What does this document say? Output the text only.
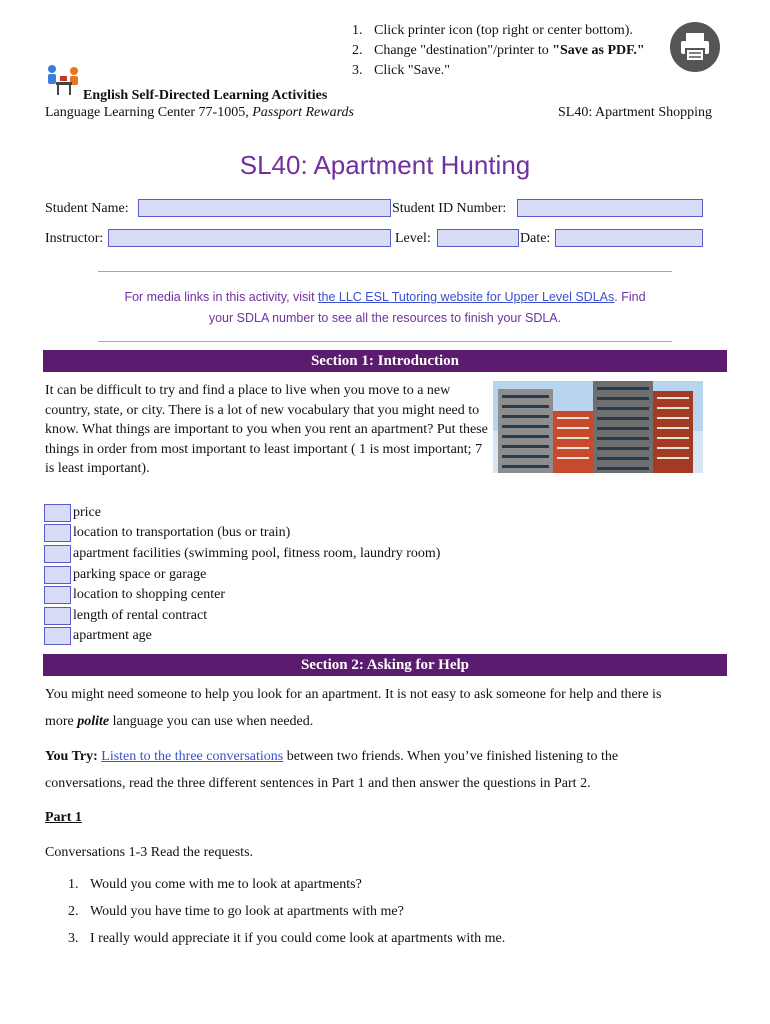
1. Click printer icon (top right or center bottom).
2. Change "destination"/printer to "Save as PDF."
3. Click "Save."
English Self-Directed Learning Activities
Language Learning Center 77-1005, Passport Rewards	SL40: Apartment Shopping
SL40: Apartment Hunting
Student Name:	Student ID Number:
Instructor:	Level:	Date:
For media links in this activity, visit the LLC ESL Tutoring website for Upper Level SDLAs. Find
your SDLA number to see all the resources to finish your SDLA.
Section 1: Introduction
It can be difficult to try and find a place to live when you move to a new country, state, or city. There is a lot of new vocabulary that you might need to know. What things are important to you when you rent an apartment? Put these things in order from most important to least important ( 1 is most important; 7 is least important).
price
location to transportation (bus or train)
apartment facilities (swimming pool, fitness room, laundry room)
parking space or garage
location to shopping center
length of rental contract
apartment age
Section 2: Asking for Help
You might need someone to help you look for an apartment. It is not easy to ask someone for help and there is
more polite language you can use when needed.
You Try: Listen to the three conversations between two friends. When you’ve finished listening to the
conversations, read the three different sentences in Part 1 and then answer the questions in Part 2.
Part 1
Conversations 1-3 Read the requests.
1. Would you come with me to look at apartments?
2. Would you have time to go look at apartments with me?
3. I really would appreciate it if you could come look at apartments with me.
